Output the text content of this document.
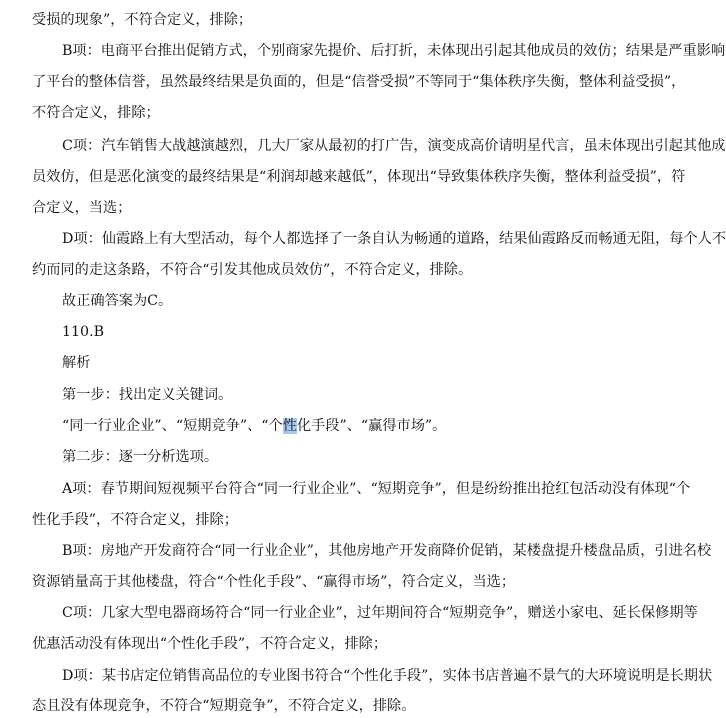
受损的现象”，不符合定义，排除；
B项：电商平台推出促销方式，个别商家先提价、后打折，未体现出引起其他成员的效仿；结果是严重影响
了平台的整体信誉，虽然最终结果是负面的，但是“信誉受损”不等同于“集体秩序失衡，整体利益受损”，
不符合定义，排除；
C项：汽车销售大战越演越烈，几大厂家从最初的打广告，演变成高价请明星代言，虽未体现出引起其他成
员效仿，但是恶化演变的最终结果是“利润却越来越低”，体现出“导致集体秩序失衡，整体利益受损”，符
合定义，当选；
D项：仙霞路上有大型活动，每个人都选择了一条自认为畅通的道路，结果仙霞路反而畅通无阻，每个人不
约而同的走这条路，不符合“引发其他成员效仿”，不符合定义，排除。
故正确答案为C。
110.B
解析
第一步：找出定义关键词。
“同一行业企业”、“短期竞争”、“个性化手段”、“赢得市场”。
第二步：逐一分析选项。
A项：春节期间短视频平台符合“同一行业企业”、“短期竞争”，但是纷纷推出抢红包活动没有体现“个
性化手段”，不符合定义，排除；
B项：房地产开发商符合“同一行业企业”，其他房地产开发商降价促销，某楼盘提升楼盘品质，引进名校
资源销量高于其他楼盘，符合“个性化手段”、“赢得市场”，符合定义，当选；
C项：几家大型电器商场符合“同一行业企业”，过年期间符合“短期竞争”，赠送小家电、延长保修期等
优惠活动没有体现出“个性化手段”，不符合定义，排除；
D项：某书店定位销售高品位的专业图书符合“个性化手段”，实体书店普遍不景气的大环境说明是长期状
态且没有体现竞争，不符合“短期竞争”，不符合定义，排除。
